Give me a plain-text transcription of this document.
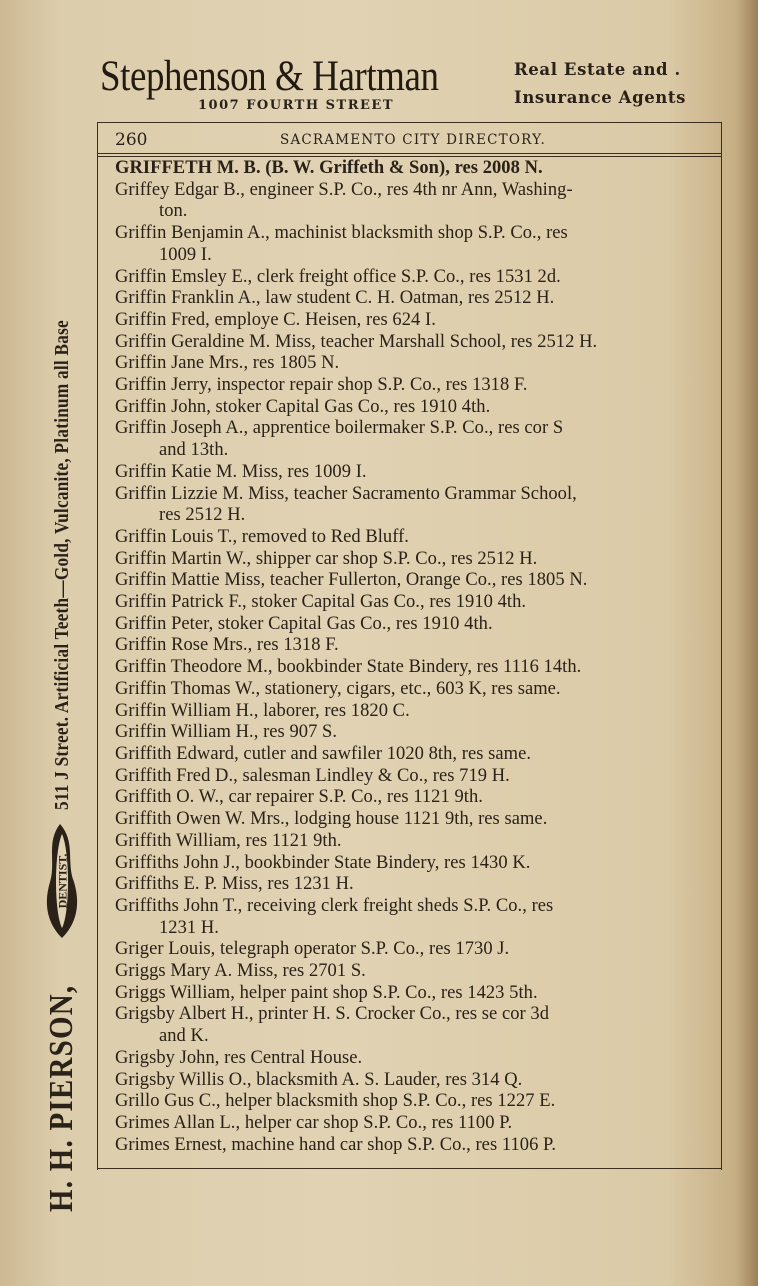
Stephenson & Hartman
1007 FOURTH STREET
Real Estate and .
Insurance Agents
260	SACRAMENTO CITY DIRECTORY.
GRIFFETH M. B. (B. W. Griffeth & Son), res 2008 N.
Griffey Edgar B., engineer S.P. Co., res 4th nr Ann, Washing-
ton.
Griffin Benjamin A., machinist blacksmith shop S.P. Co., res
1009 I.
Griffin Emsley E., clerk freight office S.P. Co., res 1531 2d.
Griffin Franklin A., law student C. H. Oatman, res 2512 H.
Griffin Fred, employe C. Heisen, res 624 I.
Griffin Geraldine M. Miss, teacher Marshall School, res 2512 H.
Griffin Jane Mrs., res 1805 N.
Griffin Jerry, inspector repair shop S.P. Co., res 1318 F.
Griffin John, stoker Capital Gas Co., res 1910 4th.
Griffin Joseph A., apprentice boilermaker S.P. Co., res cor S
and 13th.
Griffin Katie M. Miss, res 1009 I.
Griffin Lizzie M. Miss, teacher Sacramento Grammar School,
res 2512 H.
Griffin Louis T., removed to Red Bluff.
Griffin Martin W., shipper car shop S.P. Co., res 2512 H.
Griffin Mattie Miss, teacher Fullerton, Orange Co., res 1805 N.
Griffin Patrick F., stoker Capital Gas Co., res 1910 4th.
Griffin Peter, stoker Capital Gas Co., res 1910 4th.
Griffin Rose Mrs., res 1318 F.
Griffin Theodore M., bookbinder State Bindery, res 1116 14th.
Griffin Thomas W., stationery, cigars, etc., 603 K, res same.
Griffin William H., laborer, res 1820 C.
Griffin William H., res 907 S.
Griffith Edward, cutler and sawfiler 1020 8th, res same.
Griffith Fred D., salesman Lindley & Co., res 719 H.
Griffith O. W., car repairer S.P. Co., res 1121 9th.
Griffith Owen W. Mrs., lodging house 1121 9th, res same.
Griffith William, res 1121 9th.
Griffiths John J., bookbinder State Bindery, res 1430 K.
Griffiths E. P. Miss, res 1231 H.
Griffiths John T., receiving clerk freight sheds S.P. Co., res
1231 H.
Griger Louis, telegraph operator S.P. Co., res 1730 J.
Griggs Mary A. Miss, res 2701 S.
Griggs William, helper paint shop S.P. Co., res 1423 5th.
Grigsby Albert H., printer H. S. Crocker Co., res se cor 3d
and K.
Grigsby John, res Central House.
Grigsby Willis O., blacksmith A. S. Lauder, res 314 Q.
Grillo Gus C., helper blacksmith shop S.P. Co., res 1227 E.
Grimes Allan L., helper car shop S.P. Co., res 1100 P.
Grimes Ernest, machine hand car shop S.P. Co., res 1106 P.
H. H. PIERSON,
DENTIST.
511 J Street. Artificial Teeth—Gold, Vulcanite, Platinum all Base
